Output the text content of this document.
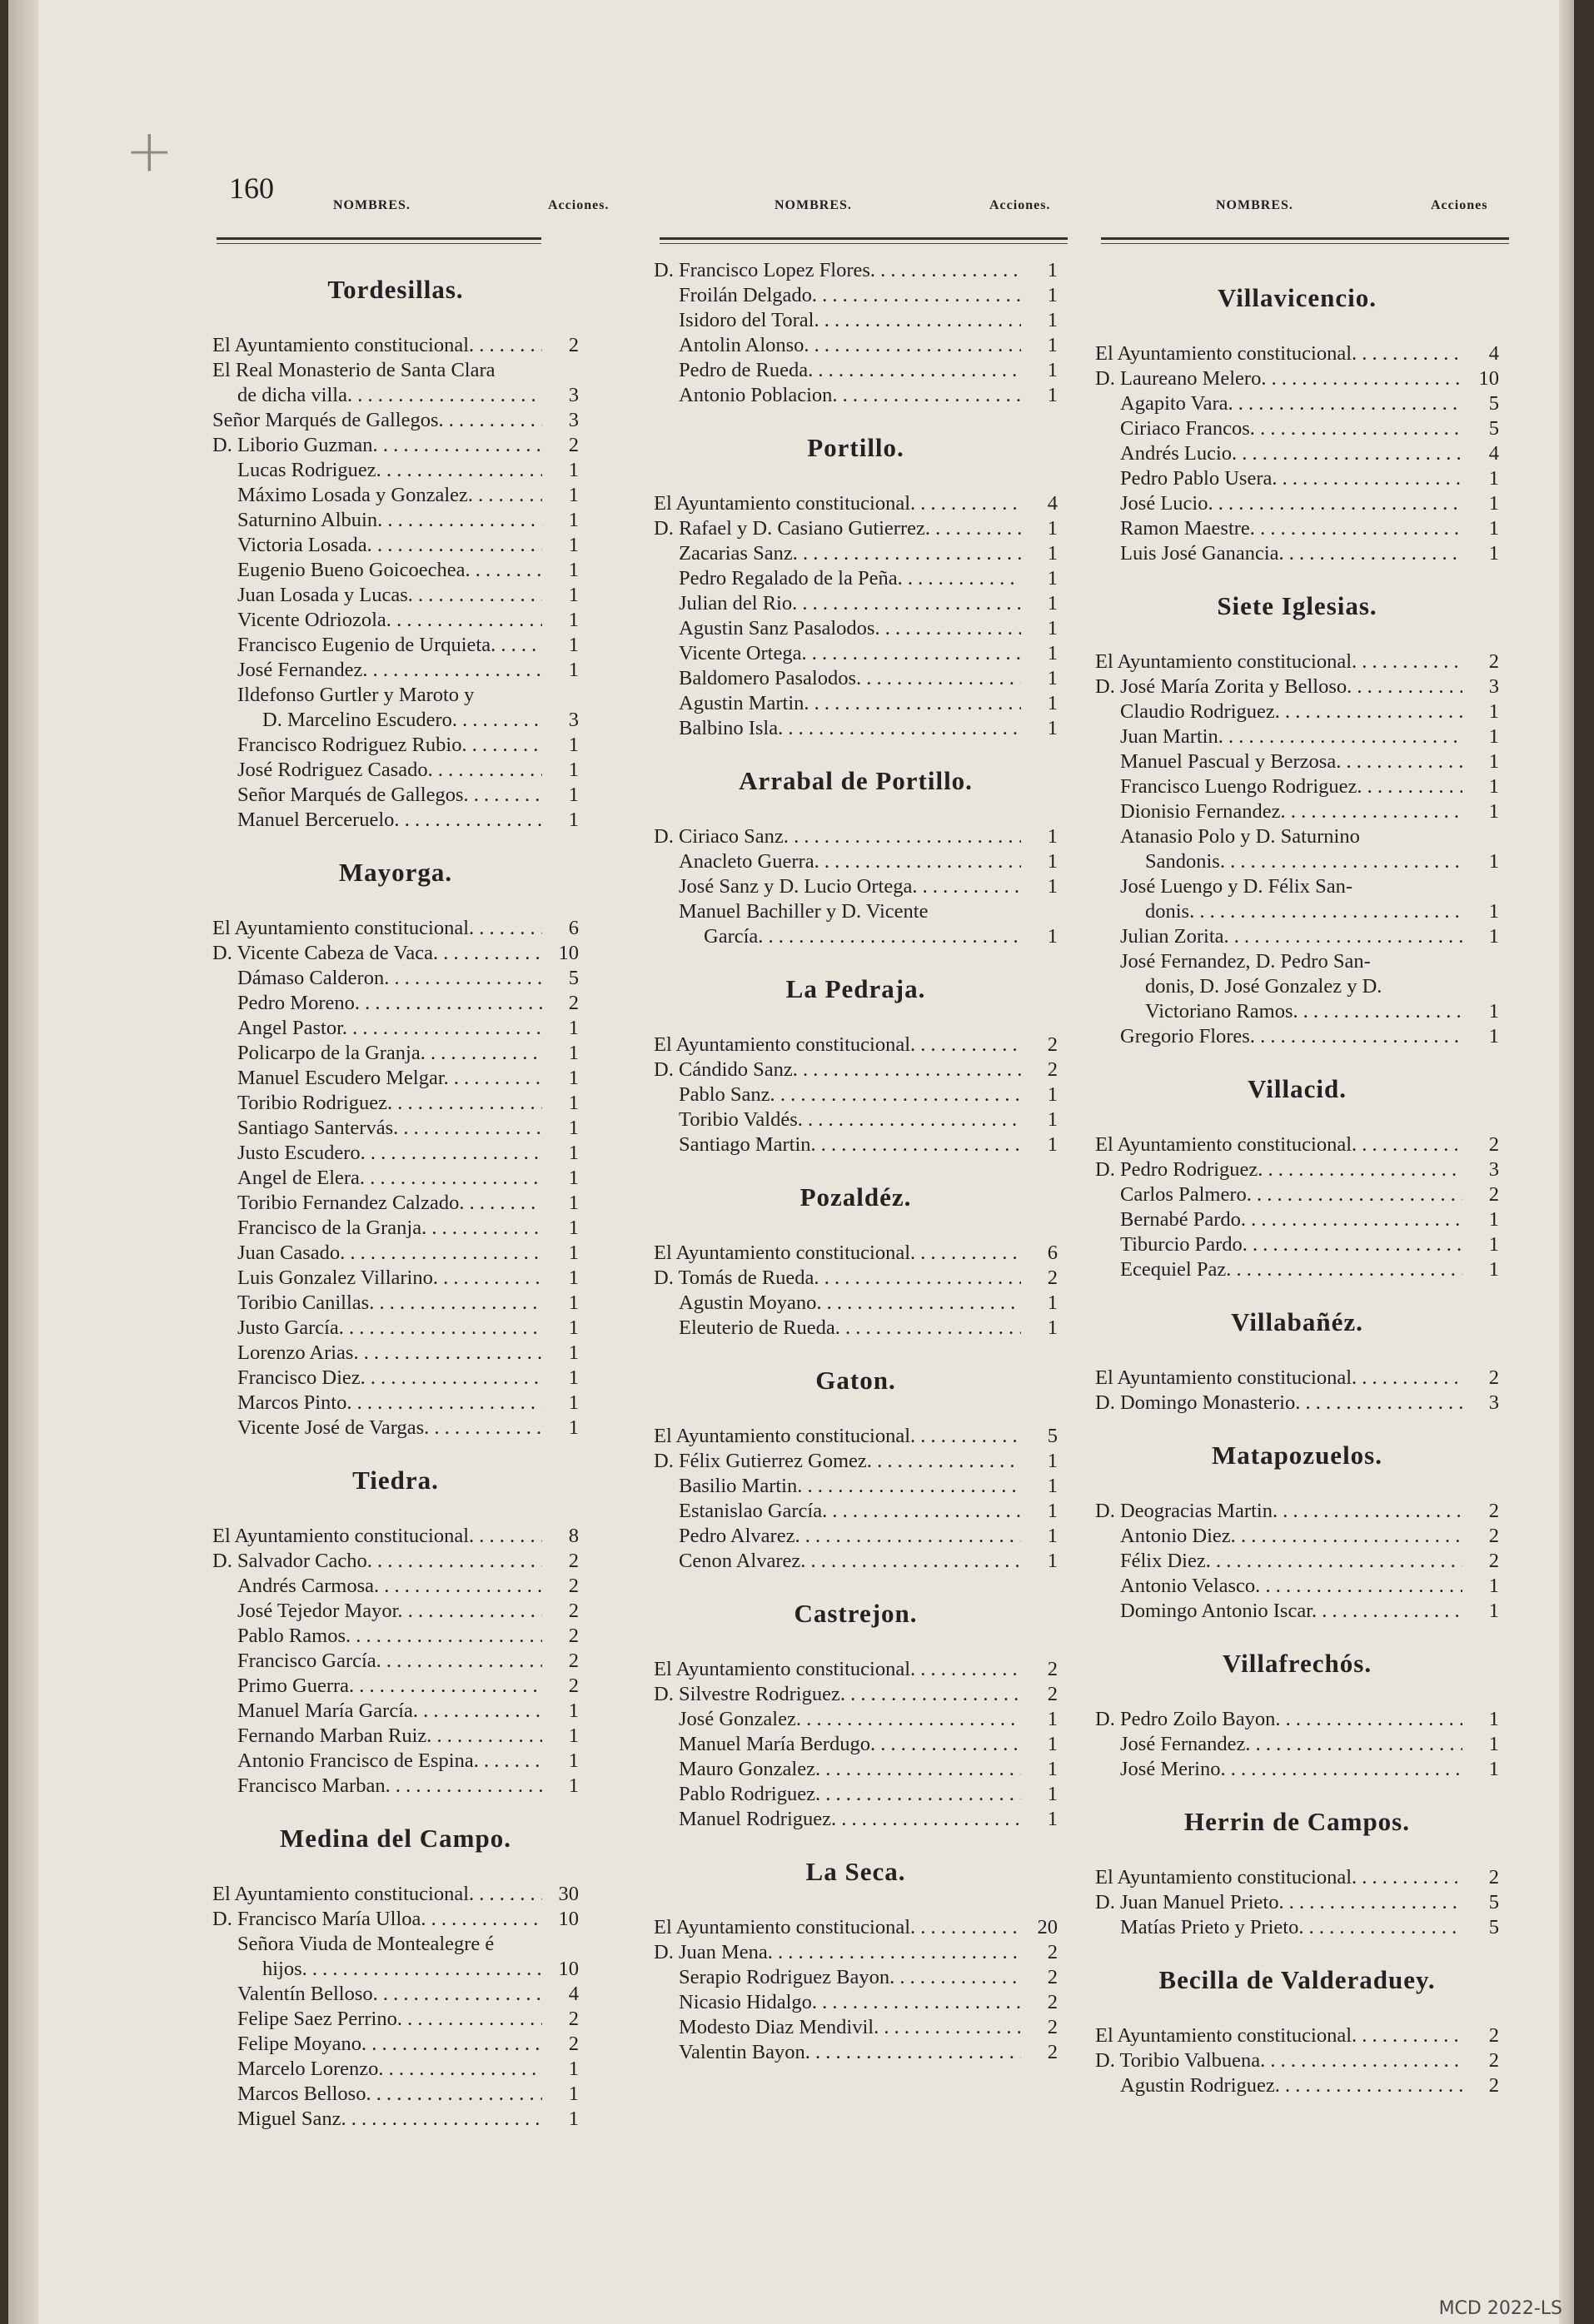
+
160
NOMBRES.	Acciones.	NOMBRES.	Acciones.	NOMBRES.	Acciones
Tordesillas.
El Ayuntamiento constitucional. . . .	2
El Real Monasterio de Santa Clara
de dicha villa. . . .	3
Señor Marqués de Gallegos. . . .	3
D. Liborio Guzman. . . .	2
Lucas Rodriguez. . . .	1
Máximo Losada y Gonzalez. . . .	1
Saturnino Albuin. . . .	1
Victoria Losada. . . .	1
Eugenio Bueno Goicoechea. . . .	1
Juan Losada y Lucas. . . .	1
Vicente Odriozola. . . .	1
Francisco Eugenio de Urquieta. . . .	1
José Fernandez. . . .	1
Ildefonso Gurtler y Maroto y
D. Marcelino Escudero. . . .	3
Francisco Rodriguez Rubio. . . .	1
José Rodriguez Casado. . . .	1
Señor Marqués de Gallegos. . . .	1
Manuel Berceruelo. . . .	1
Mayorga.
El Ayuntamiento constitucional. . . .	6
D. Vicente Cabeza de Vaca. . . .	10
Dámaso Calderon. . . .	5
Pedro Moreno. . . .	2
Angel Pastor. . . .	1
Policarpo de la Granja. . . .	1
Manuel Escudero Melgar. . . .	1
Toribio Rodriguez. . . .	1
Santiago Santervás. . . .	1
Justo Escudero. . . .	1
Angel de Elera. . . .	1
Toribio Fernandez Calzado. . . .	1
Francisco de la Granja. . . .	1
Juan Casado. . . .	1
Luis Gonzalez Villarino. . . .	1
Toribio Canillas. . . .	1
Justo García. . . .	1
Lorenzo Arias. . . .	1
Francisco Diez. . . .	1
Marcos Pinto. . . .	1
Vicente José de Vargas. . . .	1
Tiedra.
El Ayuntamiento constitucional. . . .	8
D. Salvador Cacho. . . .	2
Andrés Carmosa. . . .	2
José Tejedor Mayor. . . .	2
Pablo Ramos. . . .	2
Francisco García. . . .	2
Primo Guerra. . . .	2
Manuel María García. . . .	1
Fernando Marban Ruiz. . . .	1
Antonio Francisco de Espina. . . .	1
Francisco Marban. . . .	1
Medina del Campo.
El Ayuntamiento constitucional. . . .	30
D. Francisco María Ulloa. . . .	10
Señora Viuda de Montealegre é
hijos. . . .	10
Valentín Belloso. . . .	4
Felipe Saez Perrino. . . .	2
Felipe Moyano. . . .	2
Marcelo Lorenzo. . . .	1
Marcos Belloso. . . .	1
Miguel Sanz. . . .	1
D. Francisco Lopez Flores. . . .	1
Froilán Delgado. . . .	1
Isidoro del Toral. . . .	1
Antolin Alonso. . . .	1
Pedro de Rueda. . . .	1
Antonio Poblacion. . . .	1
Portillo.
El Ayuntamiento constitucional. . . .	4
D. Rafael y D. Casiano Gutierrez. . . .	1
Zacarias Sanz. . . .	1
Pedro Regalado de la Peña. . . .	1
Julian del Rio. . . .	1
Agustin Sanz Pasalodos. . . .	1
Vicente Ortega. . . .	1
Baldomero Pasalodos. . . .	1
Agustin Martin. . . .	1
Balbino Isla. . . .	1
Arrabal de Portillo.
D. Ciriaco Sanz. . . .	1
Anacleto Guerra. . . .	1
José Sanz y D. Lucio Ortega. . . .	1
Manuel Bachiller y D. Vicente
García. . . .	1
La Pedraja.
El Ayuntamiento constitucional. . . .	2
D. Cándido Sanz. . . .	2
Pablo Sanz. . . .	1
Toribio Valdés. . . .	1
Santiago Martin. . . .	1
Pozaldéz.
El Ayuntamiento constitucional. . . .	6
D. Tomás de Rueda. . . .	2
Agustin Moyano. . . .	1
Eleuterio de Rueda. . . .	1
Gaton.
El Ayuntamiento constitucional. . . .	5
D. Félix Gutierrez Gomez. . . .	1
Basilio Martin. . . .	1
Estanislao García. . . .	1
Pedro Alvarez. . . .	1
Cenon Alvarez. . . .	1
Castrejon.
El Ayuntamiento constitucional. . . .	2
D. Silvestre Rodriguez. . . .	2
José Gonzalez. . . .	1
Manuel María Berdugo. . . .	1
Mauro Gonzalez. . . .	1
Pablo Rodriguez. . . .	1
Manuel Rodriguez. . . .	1
La Seca.
El Ayuntamiento constitucional. . . .	20
D. Juan Mena. . . .	2
Serapio Rodriguez Bayon. . . .	2
Nicasio Hidalgo. . . .	2
Modesto Diaz Mendivil. . . .	2
Valentin Bayon. . . .	2
Villavicencio.
El Ayuntamiento constitucional. . . .	4
D. Laureano Melero. . . .	10
Agapito Vara. . . .	5
Ciriaco Francos. . . .	5
Andrés Lucio. . . .	4
Pedro Pablo Usera. . . .	1
José Lucio. . . .	1
Ramon Maestre. . . .	1
Luis José Ganancia. . . .	1
Siete Iglesias.
El Ayuntamiento constitucional. . . .	2
D. José María Zorita y Belloso. . . .	3
Claudio Rodriguez. . . .	1
Juan Martin. . . .	1
Manuel Pascual y Berzosa. . . .	1
Francisco Luengo Rodriguez. . . .	1
Dionisio Fernandez. . . .	1
Atanasio Polo y D. Saturnino
Sandonis. . . .	1
José Luengo y D. Félix San-
donis. . . .	1
Julian Zorita. . . .	1
José Fernandez, D. Pedro San-
donis, D. José Gonzalez y D.
Victoriano Ramos. . . .	1
Gregorio Flores. . . .	1
Villacid.
El Ayuntamiento constitucional. . . .	2
D. Pedro Rodriguez. . . .	3
Carlos Palmero. . . .	2
Bernabé Pardo. . . .	1
Tiburcio Pardo. . . .	1
Ecequiel Paz. . . .	1
Villabañéz.
El Ayuntamiento constitucional. . . .	2
D. Domingo Monasterio. . . .	3
Matapozuelos.
D. Deogracias Martin. . . .	2
Antonio Diez. . . .	2
Félix Diez. . . .	2
Antonio Velasco. . . .	1
Domingo Antonio Iscar. . . .	1
Villafrechós.
D. Pedro Zoilo Bayon. . . .	1
José Fernandez. . . .	1
José Merino. . . .	1
Herrin de Campos.
El Ayuntamiento constitucional. . . .	2
D. Juan Manuel Prieto. . . .	5
Matías Prieto y Prieto. . . .	5
Becilla de Valderaduey.
El Ayuntamiento constitucional. . . .	2
D. Toribio Valbuena. . . .	2
Agustin Rodriguez. . . .	2
MCD 2022-LS
